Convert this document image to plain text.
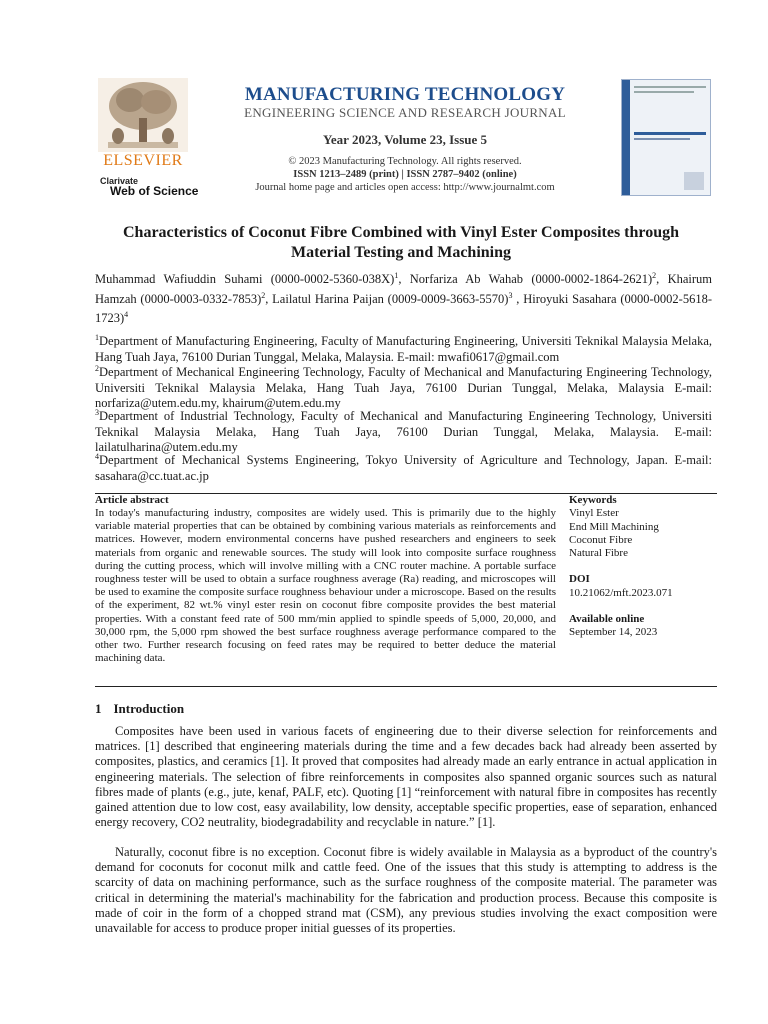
ELSEVIER
Clarivate
Web of Science
MANUFACTURING TECHNOLOGY
ENGINEERING SCIENCE AND RESEARCH JOURNAL
Year 2023, Volume 23, Issue 5
© 2023 Manufacturing Technology. All rights reserved.
ISSN 1213–2489 (print) | ISSN 2787–9402 (online)
Journal home page and articles open access: http://www.journalmt.com
Characteristics of Coconut Fibre Combined with Vinyl Ester Composites through Material Testing and Machining
Muhammad Wafiuddin Suhami $(0000-0002-5360-038X)^1$, Norfariza Ab Wahab $(0000-0002-1864-2621)^2$, Khairum Hamzah $(0000-0003-0332-7853)^2$, Lailatul Harina Paijan $(0009-0009-3663-5570)^3$ , Hiroyuki Sasahara $(0000-0002-5618-1723)^4$
$^1$Department of Manufacturing Engineering, Faculty of Manufacturing Engineering, Universiti Teknikal Malaysia Melaka, Hang Tuah Jaya, 76100 Durian Tunggal, Melaka, Malaysia. E-mail: mwafi0617@gmail.com
$^2$Department of Mechanical Engineering Technology, Faculty of Mechanical and Manufacturing Engineering Technology, Universiti Teknikal Malaysia Melaka, Hang Tuah Jaya, 76100 Durian Tunggal, Melaka, Malaysia E-mail: norfariza@utem.edu.my, khairum@utem.edu.my
$^3$Department of Industrial Technology, Faculty of Mechanical and Manufacturing Engineering Technology, Universiti Teknikal Malaysia Melaka, Hang Tuah Jaya, 76100 Durian Tunggal, Melaka, Malaysia. E-mail: lailatulharina@utem.edu.my
$^4$Department of Mechanical Systems Engineering, Tokyo University of Agriculture and Technology, Japan. E-mail: sasahara@cc.tuat.ac.jp
Article abstract
In today's manufacturing industry, composites are widely used. This is primarily due to the highly variable material properties that can be obtained by combining various materials as reinforcements and matrices. However, modern environmental concerns have pushed researchers and engineers to seek materials from organic and renewable sources. The study will look into composite surface roughness during the cutting process, which will involve milling with a CNC router machine. A portable surface roughness tester will be used to obtain a surface roughness average (Ra) reading, and microscopes will be used to examine the composite surface roughness behaviour under a microscope. Based on the results of the experiment, 82 wt.% vinyl ester resin on coconut fibre composite provides the best material properties. With a constant feed rate of 500 mm/min applied to spindle speeds of 5,000, 20,000, and 30,000 rpm, the 5,000 rpm showed the best surface roughness average performance compared to the other two. Further research focusing on feed rates may be required to better deduce the material machining data.
Keywords
Vinyl Ester
End Mill Machining
Coconut Fibre
Natural Fibre
DOI
10.21062/mft.2023.071
Available online
September 14, 2023
1 Introduction
Composites have been used in various facets of engineering due to their diverse selection for reinforcements and matrices. [1] described that engineering materials during the time and a few decades back had already been asserted by composites, plastics, and ceramics [1]. It proved that composites had already made an early entrance in actual application in engineering materials. The selection of fibre reinforcements in composites also spanned organic sources such as natural fibres made of plants (e.g., jute, kenaf, PALF, etc). Quoting [1] “reinforcement with natural fibre in composites has recently gained attention due to low cost, easy availability, low density, acceptable specific properties, ease of separation, enhanced energy recovery, CO2 neutrality, biodegradability and recyclable in nature.” [1].
Naturally, coconut fibre is no exception. Coconut fibre is widely available in Malaysia as a byproduct of the country's demand for coconuts for coconut milk and cattle feed. One of the issues that this study is attempting to address is the scarcity of data on machining performance, such as the surface roughness of the composite material. The parameter was critical in determining the material's machinability for the fabrication and production process. Because this composite is made of coir in the form of a chopped strand mat (CSM), any previous studies involving the exact composition were unavailable for access to produce proper initial guesses of its properties.
